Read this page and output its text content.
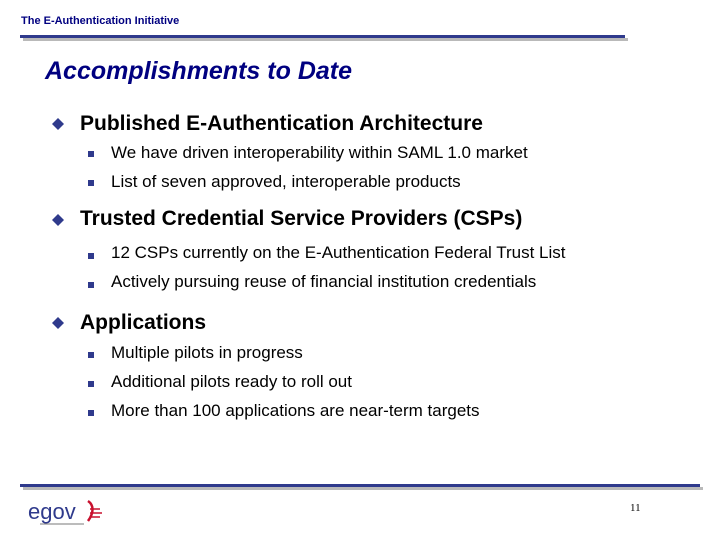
The E-Authentication Initiative
Accomplishments to Date
Published E-Authentication Architecture
We have driven interoperability within SAML 1.0 market
List of seven approved, interoperable products
Trusted Credential Service Providers (CSPs)
12 CSPs currently on the E-Authentication Federal Trust List
Actively pursuing reuse of financial institution credentials
Applications
Multiple pilots in progress
Additional pilots ready to roll out
More than 100 applications are near-term targets
egov	11
